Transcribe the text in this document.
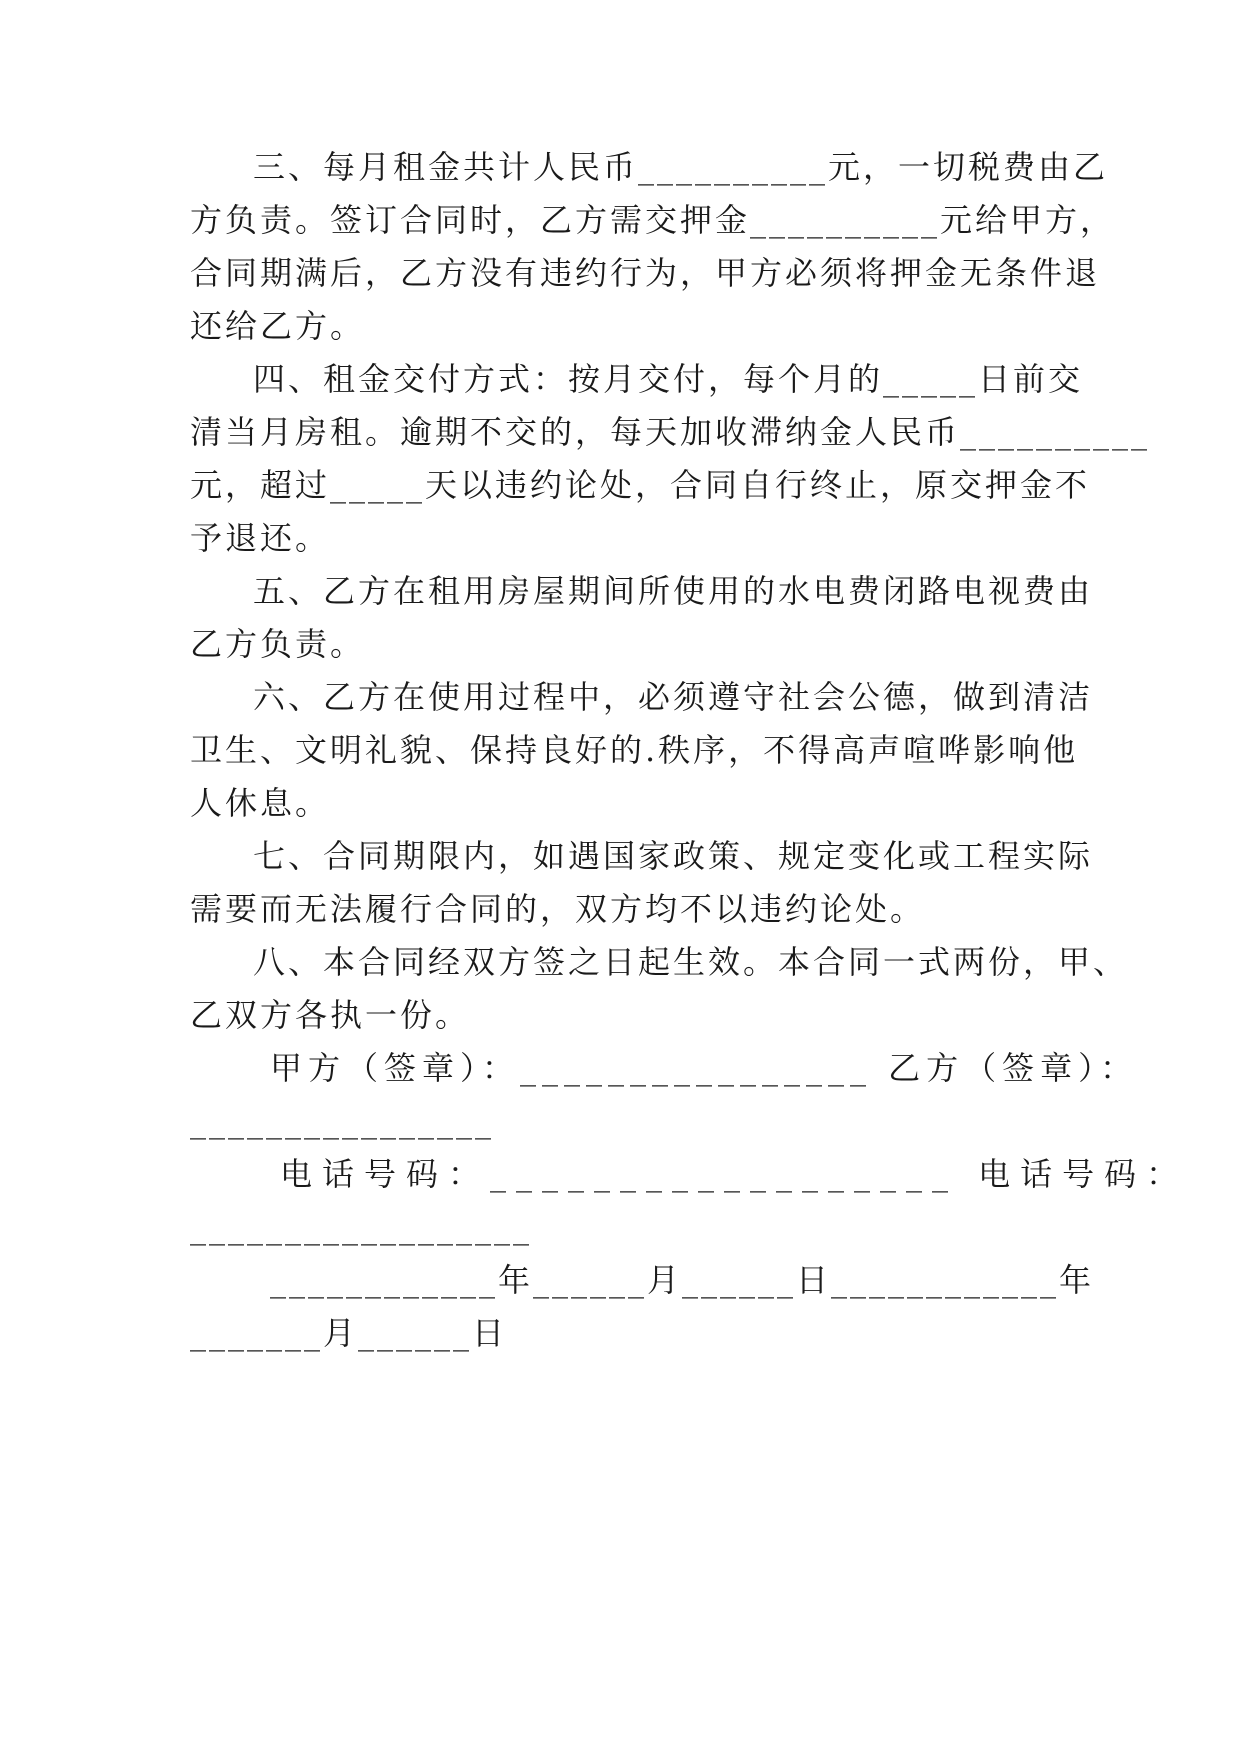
三、每月租金共计人民币__________元，一切税费由乙
方负责。签订合同时，乙方需交押金__________元给甲方，
合同期满后，乙方没有违约行为，甲方必须将押金无条件退
还给乙方。
四、租金交付方式：按月交付，每个月的_____日前交
清当月房租。逾期不交的，每天加收滞纳金人民币__________
元，超过_____天以违约论处，合同自行终止，原交押金不
予退还。
五、乙方在租用房屋期间所使用的水电费闭路电视费由
乙方负责。
六、乙方在使用过程中，必须遵守社会公德，做到清洁
卫生、文明礼貌、保持良好的.秩序，不得高声喧哗影响他
人休息。
七、合同期限内，如遇国家政策、规定变化或工程实际
需要而无法履行合同的，双方均不以违约论处。
八、本合同经双方签之日起生效。本合同一式两份，甲、
乙双方各执一份。
甲方（签章）：________________ 乙方（签章）：
________________
电话号码：__________________ 电话号码：
__________________
____________年______月______日____________年
_______月______日
